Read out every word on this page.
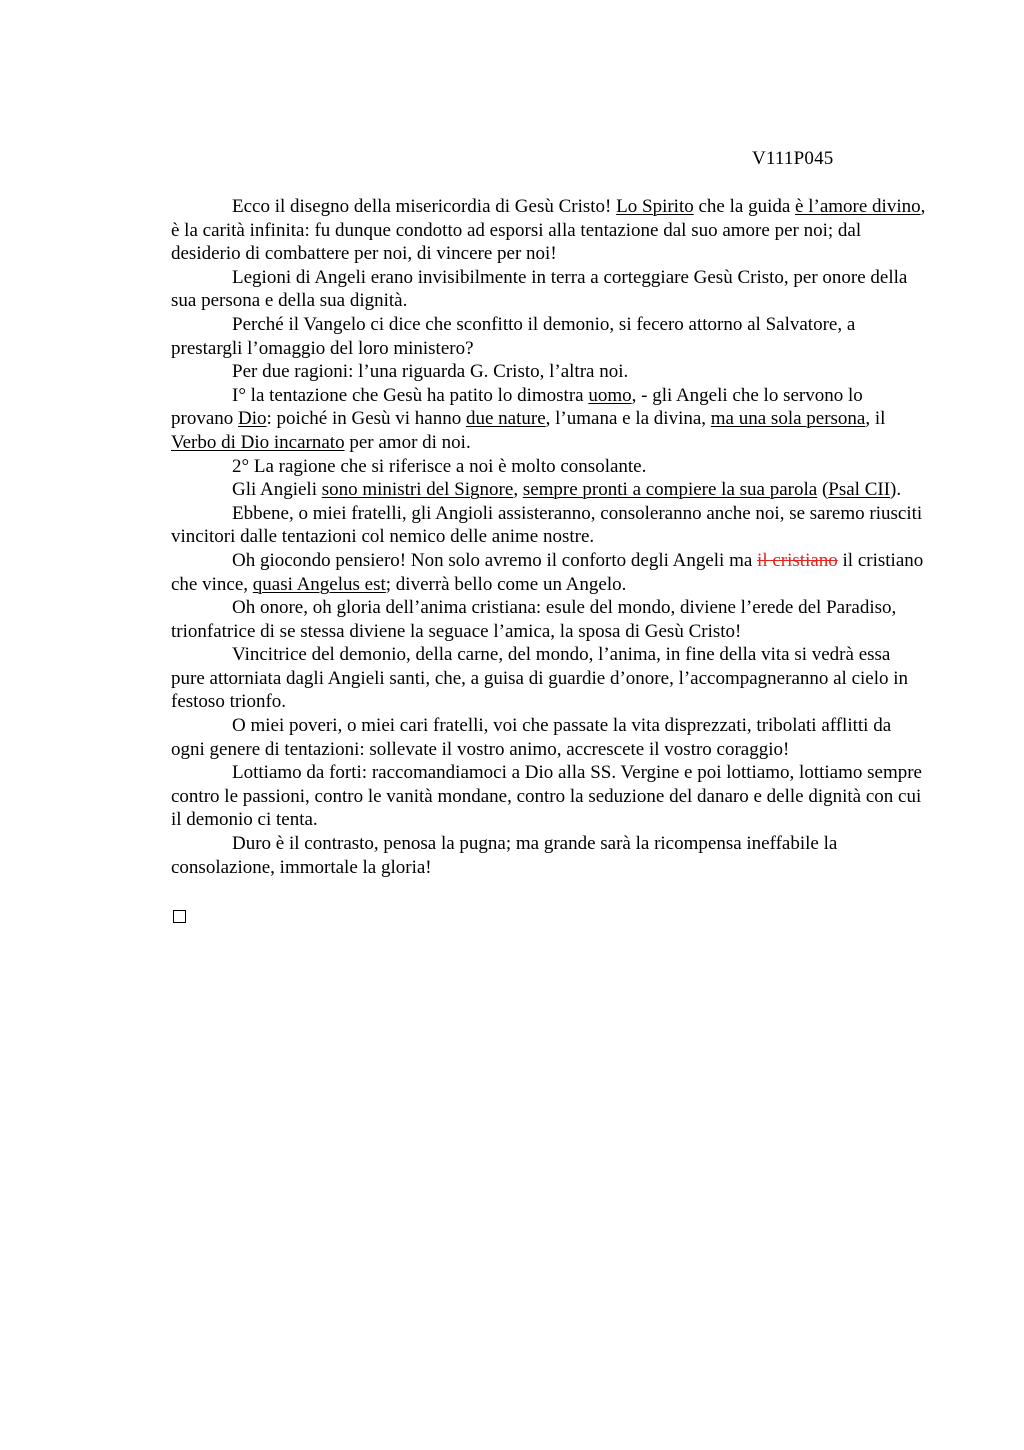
V111P045

Ecco il disegno della misericordia di Gesù Cristo! Lo Spirito che la guida è l’amore divino, è la carità infinita: fu dunque condotto ad esporsi alla tentazione dal suo amore per noi; dal desiderio di combattere per noi, di vincere per noi!

Legioni di Angeli erano invisibilmente in terra a corteggiare Gesù Cristo, per onore della sua persona e della sua dignità.

Perché il Vangelo ci dice che sconfitto il demonio, si fecero attorno al Salvatore, a prestargli l’omaggio del loro ministero?

Per due ragioni: l’una riguarda G. Cristo, l’altra noi.

I° la tentazione che Gesù ha patito lo dimostra uomo, - gli Angeli che lo servono lo provano Dio: poiché in Gesù vi hanno due nature, l’umana e la divina, ma una sola persona, il Verbo di Dio incarnato per amor di noi.

2° La ragione che si riferisce a noi è molto consolante.

Gli Angieli sono ministri del Signore, sempre pronti a compiere la sua parola (Psal CII).

Ebbene, o miei fratelli, gli Angioli assisteranno, consoleranno anche noi, se saremo riusciti vincitori dalle tentazioni col nemico delle anime nostre.

Oh giocondo pensiero! Non solo avremo il conforto degli Angeli ma il cristiano il cristiano che vince, quasi Angelus est; diverrà bello come un Angelo.

Oh onore, oh gloria dell’anima cristiana: esule del mondo, diviene l’erede del Paradiso, trionfatrice di se stessa diviene la seguace l’amica, la sposa di Gesù Cristo!

Vincitrice del demonio, della carne, del mondo, l’anima, in fine della vita si vedrà essa pure attorniata dagli Angieli santi, che, a guisa di guardie d’onore, l’accompagneranno al cielo in festoso trionfo.

O miei poveri, o miei cari fratelli, voi che passate la vita disprezzati, tribolati afflitti da ogni genere di tentazioni: sollevate il vostro animo, accrescete il vostro coraggio!

Lottiamo da forti: raccomandiamoci a Dio alla SS. Vergine e poi lottiamo, lottiamo sempre contro le passioni, contro le vanità mondane, contro la seduzione del danaro e delle dignità con cui il demonio ci tenta.

Duro è il contrasto, penosa la pugna; ma grande sarà la ricompensa ineffabile la consolazione, immortale la gloria!
